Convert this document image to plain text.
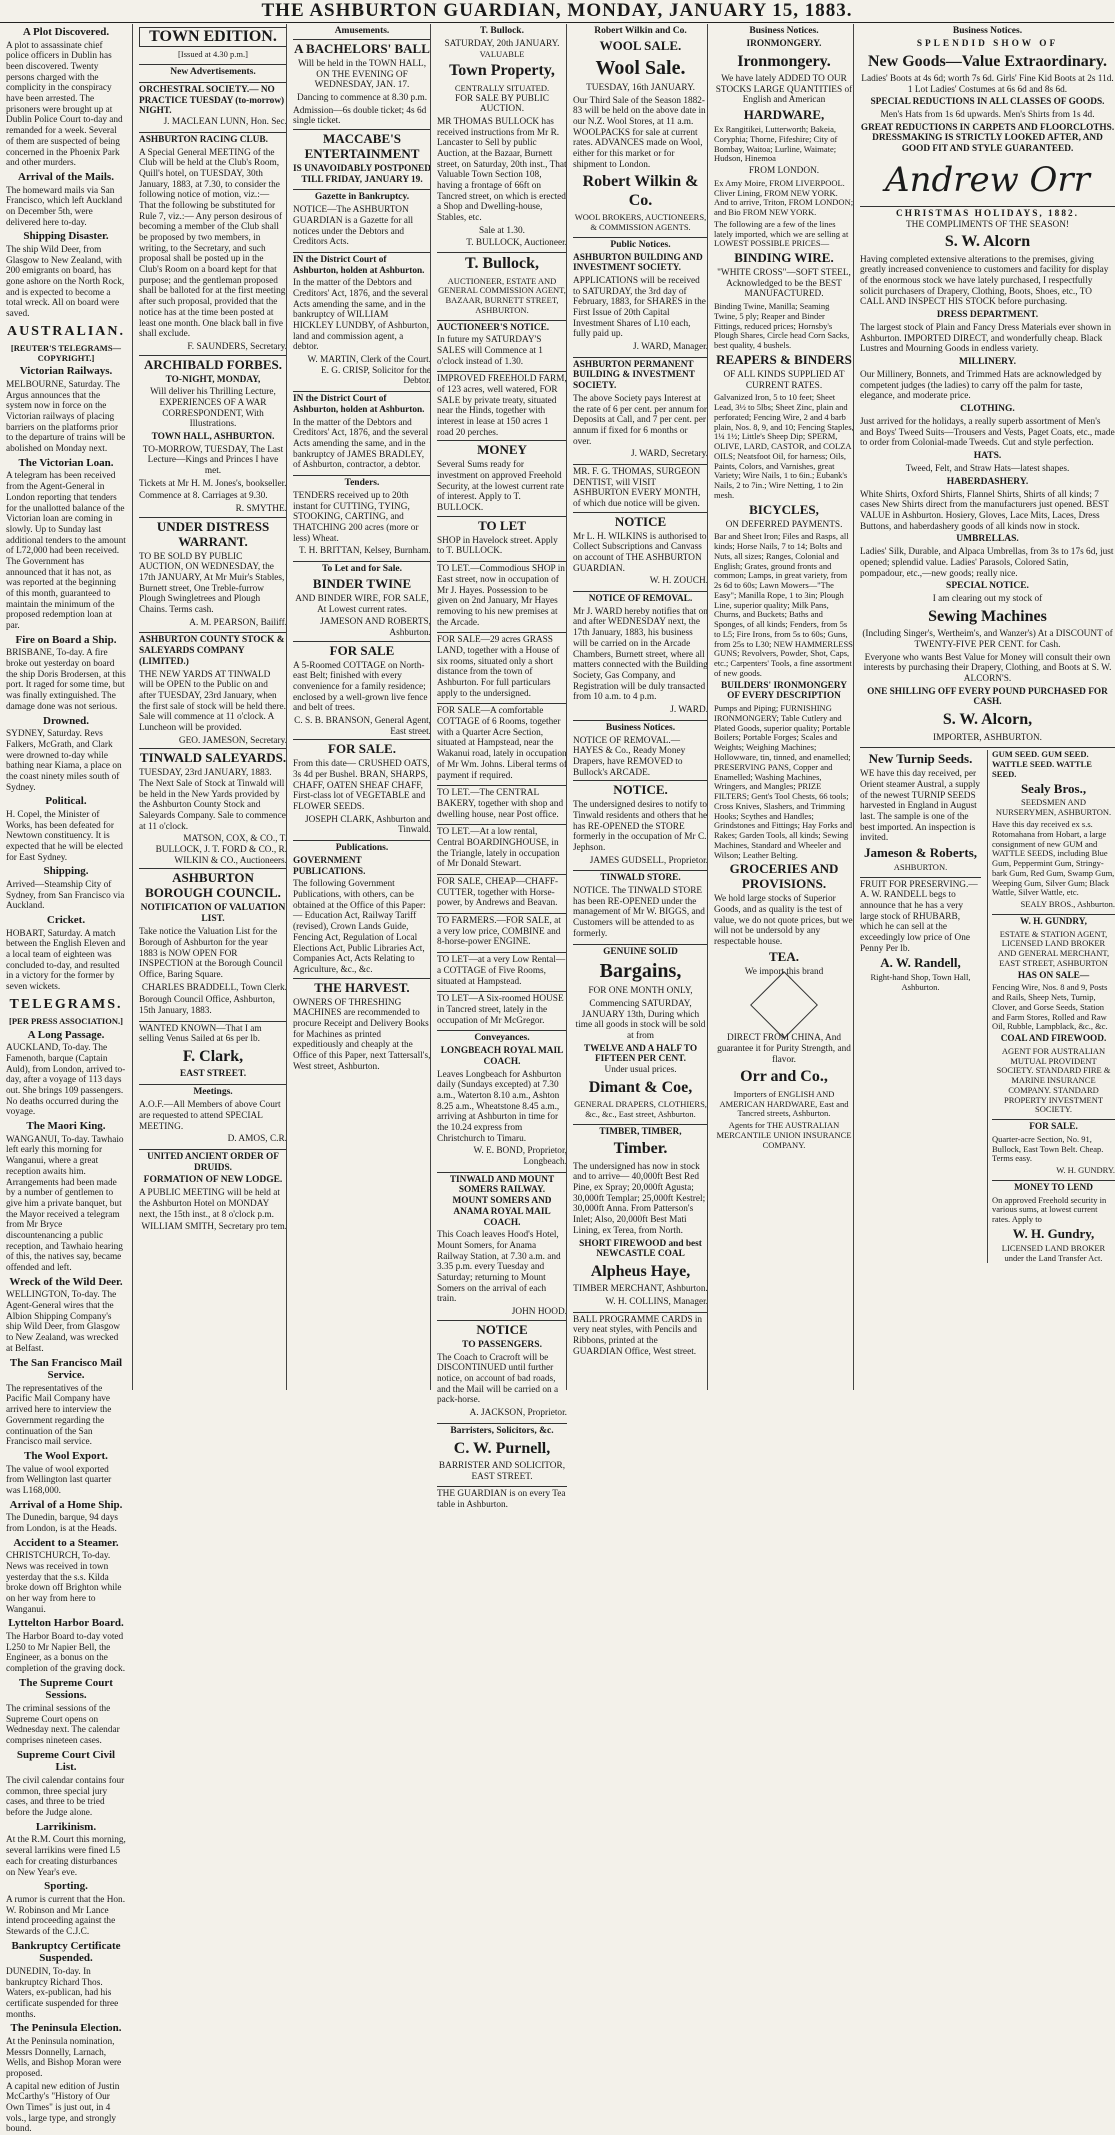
THE ASHBURTON GUARDIAN, MONDAY, JANUARY 15, 1883.
A Plot Discovered.

A plot to assassinate chief police officers in Dublin has been discovered. Twenty persons charged with the complicity in the conspiracy have been arrested. The prisoners were brought up at Dublin Police Court to-day and remanded for a week. Several of them are suspected of being concerned in the Phoenix Park and other murders.

Arrival of the Mails.

The homeward mails via San Francisco, which left Auckland on December 5th, were delivered here to-day.

Shipping Disaster.

The ship Wild Deer, from Glasgow to New Zealand, with 200 emigrants on board, has gone ashore on the North Rock, and is expected to become a total wreck. All on board were saved.

AUSTRALIAN.
[REUTER'S TELEGRAMS—COPYRIGHT.]
Victorian Railways.

MELBOURNE, Saturday. The Argus announces that the system now in force on the Victorian railways of placing barriers on the platforms prior to the departure of trains will be abolished on Monday next.

The Victorian Loan.

A telegram has been received from the Agent-General in London reporting that tenders for the unallotted balance of the Victorian loan are coming in slowly. Up to Sunday last additional tenders to the amount of L72,000 had been received. The Government has announced that it has not, as was reported at the beginning of this month, guaranteed to maintain the minimum of the proposed redemption loan at par.

Fire on Board a Ship.

BRISBANE, To-day. A fire broke out yesterday on board the ship Doris Brodersen, at this port. It raged for some time, but was finally extinguished. The damage done was not serious.

Drowned.

SYDNEY, Saturday. Revs Falkers, McGrath, and Clark were drowned to-day while bathing near Kiama, a place on the coast ninety miles south of Sydney.

Political.

H. Copel, the Minister of Works, has been defeated for Newtown constituency. It is expected that he will be elected for East Sydney.

Shipping.

Arrived—Steamship City of Sydney, from San Francisco via Auckland.

Cricket.

HOBART, Saturday. A match between the English Eleven and a local team of eighteen was concluded to-day, and resulted in a victory for the former by seven wickets.

TELEGRAMS.
[PER PRESS ASSOCIATION.]
A Long Passage.

AUCKLAND, To-day. The Famenoth, barque (Captain Auld), from London, arrived to-day, after a voyage of 113 days out. She brings 109 passengers. No deaths occurred during the voyage.

The Maori King.

WANGANUI, To-day. Tawhaio left early this morning for Wanganui, where a great reception awaits him. Arrangements had been made by a number of gentlemen to give him a private banquet, but the Mayor received a telegram from Mr Bryce discountenancing a public reception, and Tawhaio hearing of this, the natives say, became offended and left.

Wreck of the Wild Deer.

WELLINGTON, To-day. The Agent-General wires that the Albion Shipping Company's ship Wild Deer, from Glasgow to New Zealand, was wrecked at Belfast.

The San Francisco Mail Service.

The representatives of the Pacific Mail Company have arrived here to interview the Government regarding the continuation of the San Francisco mail service.

The Wool Export.

The value of wool exported from Wellington last quarter was L168,000.

Arrival of a Home Ship.

The Dunedin, barque, 94 days from London, is at the Heads.

Accident to a Steamer.

CHRISTCHURCH, To-day. News was received in town yesterday that the s.s. Kilda broke down off Brighton while on her way from here to Wanganui.

Lyttelton Harbor Board.

The Harbor Board to-day voted L250 to Mr Napier Bell, the Engineer, as a bonus on the completion of the graving dock.

The Supreme Court Sessions.

The criminal sessions of the Supreme Court opens on Wednesday next. The calendar comprises nineteen cases.

Supreme Court Civil List.

The civil calendar contains four common, three special jury cases, and three to be tried before the Judge alone.

Larrikinism.

At the R.M. Court this morning, several larrikins were fined L5 each for creating disturbances on New Year's eve.

Sporting.

A rumor is current that the Hon. W. Robinson and Mr Lance intend proceeding against the Stewards of the C.J.C.

Bankruptcy Certificate Suspended.

DUNEDIN, To-day. In bankruptcy Richard Thos. Waters, ex-publican, had his certificate suspended for three months.

The Peninsula Election.

At the Peninsula nomination, Messrs Donnelly, Larnach, Wells, and Bishop Moran were proposed.

A capital new edition of Justin McCarthy's "History of Our Own Times" is just out, in 4 vols., large type, and strongly bound.

TOWN EDITION.
[Issued at 4.30 p.m.]
New Advertisements.
ORCHESTRAL SOCIETY.— NO PRACTICE TUESDAY (to-morrow) NIGHT.
J. MACLEAN LUNN, Hon. Sec.
ASHBURTON RACING CLUB.

A Special General MEETING of the Club will be held at the Club's Room, Quill's hotel, on TUESDAY, 30th January, 1883, at 7.30, to consider the following notice of motion, viz.:— That the following be substituted for Rule 7, viz.:— Any person desirous of becoming a member of the Club shall be proposed by two members, in writing, to the Secretary, and such proposal shall be posted up in the Club's Room on a board kept for that purpose; and the gentleman proposed shall be balloted for at the first meeting after such proposal, provided that the notice has at the time been posted at least one month. One black ball in five shall exclude.

F. SAUNDERS, Secretary.
ARCHIBALD FORBES.
TO-NIGHT, MONDAY,

Will deliver his Thrilling Lecture, EXPERIENCES OF A WAR CORRESPONDENT, With Illustrations.

TOWN HALL, ASHBURTON.

TO-MORROW, TUESDAY, The Last Lecture—Kings and Princes I have met.

Tickets at Mr H. M. Jones's, bookseller.

Commence at 8. Carriages at 9.30.

R. SMYTHE.
UNDER DISTRESS WARRANT.

TO BE SOLD BY PUBLIC AUCTION, ON WEDNESDAY, the 17th JANUARY, At Mr Muir's Stables, Burnett street, One Treble-furrow Plough Swingletrees and Plough Chains. Terms cash.

A. M. PEARSON, Bailiff.
ASHBURTON COUNTY STOCK & SALEYARDS COMPANY (LIMITED.)

THE NEW YARDS AT TINWALD will be OPEN to the Public on and after TUESDAY, 23rd January, when the first sale of stock will be held there. Sale will commence at 11 o'clock. A Luncheon will be provided.

GEO. JAMESON, Secretary.
TINWALD SALEYARDS.

TUESDAY, 23rd JANUARY, 1883. The Next Sale of Stock at Tinwald will be held in the New Yards provided by the Ashburton County Stock and Saleyards Company. Sale to commence at 11 o'clock.

MATSON, COX, & CO., T. BULLOCK, J. T. FORD & CO., R. WILKIN & CO., Auctioneers.
ASHBURTON BOROUGH COUNCIL.
NOTIFICATION OF VALUATION LIST.

Take notice the Valuation List for the Borough of Ashburton for the year 1883 is NOW OPEN FOR INSPECTION at the Borough Council Office, Baring Square.

CHARLES BRADDELL, Town Clerk.

Borough Council Office, Ashburton, 15th January, 1883.

WANTED KNOWN—That I am selling Venus Sailed at 6s per lb.
F. Clark,
EAST STREET.
Meetings.

A.O.F.—All Members of above Court are requested to attend SPECIAL MEETING.

D. AMOS, C.R.
UNITED ANCIENT ORDER OF DRUIDS.
FORMATION OF NEW LODGE.

A PUBLIC MEETING will be held at the Ashburton Hotel on MONDAY next, the 15th inst., at 8 o'clock p.m.

WILLIAM SMITH, Secretary pro tem.
Amusements.
A BACHELORS' BALL

Will be held in the TOWN HALL, ON THE EVENING OF WEDNESDAY, JAN. 17.

Dancing to commence at 8.30 p.m.

Admission—6s double ticket; 4s 6d single ticket.

MACCABE'S ENTERTAINMENT

IS UNAVOIDABLY POSTPONED TILL FRIDAY, JANUARY 19.

Gazette in Bankruptcy.

NOTICE—The ASHBURTON GUARDIAN is a Gazette for all notices under the Debtors and Creditors Acts.

IN the District Court of Ashburton, holden at Ashburton.

In the matter of the Debtors and Creditors' Act, 1876, and the several Acts amending the same, and in the bankruptcy of WILLIAM HICKLEY LUNDBY, of Ashburton, land and commission agent, a debtor.

W. MARTIN, Clerk of the Court.
E. G. CRISP, Solicitor for the Debtor.
IN the District Court of Ashburton, holden at Ashburton.

In the matter of the Debtors and Creditors' Act, 1876, and the several Acts amending the same, and in the bankruptcy of JAMES BRADLEY, of Ashburton, contractor, a debtor.

Tenders.

TENDERS received up to 20th instant for CUTTING, TYING, STOOKING, CARTING, and THATCHING 200 acres (more or less) Wheat.

T. H. BRITTAN, Kelsey, Burnham.
To Let and for Sale.
BINDER TWINE

AND BINDER WIRE, FOR SALE, At Lowest current rates.

JAMESON AND ROBERTS, Ashburton.
FOR SALE

A 5-Roomed COTTAGE on North-east Belt; finished with every convenience for a family residence; enclosed by a well-grown live fence and belt of trees.

C. S. B. BRANSON, General Agent, East street.
FOR SALE.

From this date— CRUSHED OATS, 3s 4d per Bushel. BRAN, SHARPS, CHAFF, OATEN SHEAF CHAFF, First-class lot of VEGETABLE and FLOWER SEEDS.

JOSEPH CLARK, Ashburton and Tinwald.
Publications.
GOVERNMENT PUBLICATIONS.

The following Government Publications, with others, can be obtained at the Office of this Paper:— Education Act, Railway Tariff (revised), Crown Lands Guide, Fencing Act, Regulation of Local Elections Act, Public Libraries Act, Companies Act, Acts Relating to Agriculture, &c., &c.

THE HARVEST.

OWNERS OF THRESHING MACHINES are recommended to procure Receipt and Delivery Books for Machines as printed expeditiously and cheaply at the Office of this Paper, next Tattersall's, West street, Ashburton.

T. Bullock.
SATURDAY, 20th JANUARY.
VALUABLE
Town Property,
CENTRALLY SITUATED.
FOR SALE BY PUBLIC AUCTION.

MR THOMAS BULLOCK has received instructions from Mr R. Lancaster to Sell by public Auction, at the Bazaar, Burnett street, on Saturday, 20th inst., That Valuable Town Section 108, having a frontage of 66ft on Tancred street, on which is erected a Shop and Dwelling-house, Stables, etc.

Sale at 1.30.

T. BULLOCK, Auctioneer.
T. Bullock,

AUCTIONEER, ESTATE AND GENERAL COMMISSION AGENT, BAZAAR, BURNETT STREET, ASHBURTON.

AUCTIONEER'S NOTICE.

In future my SATURDAY'S SALES will Commence at 1 o'clock instead of 1.30.

IMPROVED FREEHOLD FARM, of 123 acres, well watered, FOR SALE by private treaty, situated near the Hinds, together with interest in lease at 150 acres 1 road 20 perches.

MONEY

Several Sums ready for investment on approved Freehold Security, at the lowest current rate of interest. Apply to T. BULLOCK.

TO LET

SHOP in Havelock street. Apply to T. BULLOCK.

TO LET.—Commodious SHOP in East street, now in occupation of Mr J. Hayes. Possession to be given on 2nd January, Mr Hayes removing to his new premises at the Arcade.

FOR SALE—29 acres GRASS LAND, together with a House of six rooms, situated only a short distance from the town of Ashburton. For full particulars apply to the undersigned.

FOR SALE—A comfortable COTTAGE of 6 Rooms, together with a Quarter Acre Section, situated at Hampstead, near the Wakanui road, lately in occupation of Mr Wm. Johns. Liberal terms of payment if required.

TO LET.—The CENTRAL BAKERY, together with shop and dwelling house, near Post office.

TO LET.—At a low rental, Central BOARDINGHOUSE, in the Triangle, lately in occupation of Mr Donald Stewart.

FOR SALE, CHEAP—CHAFF-CUTTER, together with Horse-power, by Andrews and Beavan.

TO FARMERS.—FOR SALE, at a very low price, COMBINE and 8-horse-power ENGINE.

TO LET—at a very Low Rental—a COTTAGE of Five Rooms, situated at Hampstead.

TO LET—A Six-roomed HOUSE in Tancred street, lately in the occupation of Mr McGregor.

Conveyances.
LONGBEACH ROYAL MAIL COACH.

Leaves Longbeach for Ashburton daily (Sundays excepted) at 7.30 a.m., Waterton 8.10 a.m., Ashton 8.25 a.m., Wheatstone 8.45 a.m., arriving at Ashburton in time for the 10.24 express from Christchurch to Timaru.

W. E. BOND, Proprietor, Longbeach.
TINWALD AND MOUNT SOMERS RAILWAY.
MOUNT SOMERS AND ANAMA ROYAL MAIL COACH.

This Coach leaves Hood's Hotel, Mount Somers, for Anama Railway Station, at 7.30 a.m. and 3.35 p.m. every Tuesday and Saturday; returning to Mount Somers on the arrival of each train.

JOHN HOOD.
NOTICE
TO PASSENGERS.

The Coach to Cracroft will be DISCONTINUED until further notice, on account of bad roads, and the Mail will be carried on a pack-horse.

A. JACKSON, Proprietor.
Barristers, Solicitors, &c.
C. W. Purnell,

BARRISTER AND SOLICITOR, EAST STREET.

THE GUARDIAN is on every Tea table in Ashburton.

Robert Wilkin and Co.
WOOL SALE.
Wool Sale.
TUESDAY, 16th JANUARY.

Our Third Sale of the Season 1882-83 will be held on the above date in our N.Z. Wool Stores, at 11 a.m. WOOLPACKS for sale at current rates. ADVANCES made on Wool, either for this market or for shipment to London.

Robert Wilkin & Co.

WOOL BROKERS, AUCTIONEERS, & COMMISSION AGENTS.

Public Notices.
ASHBURTON BUILDING AND INVESTMENT SOCIETY.

APPLICATIONS will be received to SATURDAY, the 3rd day of February, 1883, for SHARES in the First Issue of 20th Capital Investment Shares of L10 each, fully paid up.

J. WARD, Manager.
ASHBURTON PERMANENT BUILDING & INVESTMENT SOCIETY.

The above Society pays Interest at the rate of 6 per cent. per annum for Deposits at Call, and 7 per cent. per annum if fixed for 6 months or over.

J. WARD, Secretary.

MR. F. G. THOMAS, SURGEON DENTIST, will VISIT ASHBURTON EVERY MONTH, of which due notice will be given.

NOTICE

Mr L. H. WILKINS is authorised to Collect Subscriptions and Canvass on account of THE ASHBURTON GUARDIAN.

W. H. ZOUCH.
NOTICE OF REMOVAL.

Mr J. WARD hereby notifies that on and after WEDNESDAY next, the 17th January, 1883, his business will be carried on in the Arcade Chambers, Burnett street, where all matters connected with the Building Society, Gas Company, and Registration will be duly transacted from 10 a.m. to 4 p.m.

J. WARD.
Business Notices.

NOTICE OF REMOVAL.—HAYES & Co., Ready Money Drapers, have REMOVED to Bullock's ARCADE.

NOTICE.

The undersigned desires to notify to Tinwald residents and others that he has RE-OPENED the STORE formerly in the occupation of Mr C. Jephson.

JAMES GUDSELL, Proprietor.
TINWALD STORE.

NOTICE. The TINWALD STORE has been RE-OPENED under the management of Mr W. BIGGS, and Customers will be attended to as formerly.

GENUINE SOLID
Bargains,
FOR ONE MONTH ONLY,

Commencing SATURDAY, JANUARY 13th, During which time all goods in stock will be sold at from

TWELVE AND A HALF TO FIFTEEN PER CENT.
Under usual prices.
Dimant & Coe,

GENERAL DRAPERS, CLOTHIERS, &c., &c., East street, Ashburton.

TIMBER, TIMBER,
Timber.

The undersigned has now in stock and to arrive— 40,000ft Best Red Pine, ex Spray; 20,000ft Agusta; 30,000ft Templar; 25,000ft Kestrel; 30,000ft Anna. From Patterson's Inlet; Also, 20,000ft Best Mati Lining, ex Terea, from North.

SHORT FIREWOOD and best NEWCASTLE COAL
Alpheus Haye,

TIMBER MERCHANT, Ashburton.

W. H. COLLINS, Manager.

BALL PROGRAMME CARDS in very neat styles, with Pencils and Ribbons, printed at the GUARDIAN Office, West street.

Business Notices.
IRONMONGERY.
Ironmongery.

We have lately ADDED TO OUR STOCKS LARGE QUANTITIES of English and American

HARDWARE,

Ex Rangitikei, Lutterworth; Bakeia, Coryphia; Thorne, Fifeshire; City of Bombay, Waitoa; Lurline, Waimate; Hudson, Hinemoa

FROM LONDON.

Ex Amy Moire, FROM LIVERPOOL. Cliver Lining, FROM NEW YORK. And to arrive, Triton, FROM LONDON; and Bio FROM NEW YORK.

The following are a few of the lines lately imported, which we are selling at LOWEST POSSIBLE PRICES—

BINDING WIRE.

"WHITE CROSS"—SOFT STEEL, Acknowledged to be the BEST MANUFACTURED.

Binding Twine, Manilla; Seaming Twine, 5 ply; Reaper and Binder Fittings, reduced prices; Hornsby's Plough Shares, Circle head Corn Sacks, best quality, 4 bushels.

REAPERS & BINDERS
OF ALL KINDS SUPPLIED AT CURRENT RATES.

Galvanized Iron, 5 to 10 feet; Sheet Lead, 3½ to 5lbs; Sheet Zinc, plain and perforated; Fencing Wire, 2 and 4 barb plain, Nos. 8, 9, and 10; Fencing Staples, 1¼ 1½; Little's Sheep Dip; SPERM, OLIVE, LARD, CASTOR, and COLZA OILS; Neatsfoot Oil, for harness; Oils, Paints, Colors, and Varnishes, great Variety; Wire Nails, 1 to 6in.; Eubank's Nails, 2 to 7in.; Wire Netting, 1 to 2in mesh.

BICYCLES,
ON DEFERRED PAYMENTS.

Bar and Sheet Iron; Files and Rasps, all kinds; Horse Nails, 7 to 14; Bolts and Nuts, all sizes; Ranges, Colonial and English; Grates, ground fronts and common; Lamps, in great variety, from 2s 6d to 60s; Lawn Mowers—"The Easy"; Manilla Rope, 1 to 3in; Plough Line, superior quality; Milk Pans, Churns, and Buckets; Baths and Sponges, of all kinds; Fenders, from 5s to L5; Fire Irons, from 5s to 60s; Guns, from 25s to L30; NEW HAMMERLESS GUNS; Revolvers, Powder, Shot, Caps, etc.; Carpenters' Tools, a fine assortment of new goods.

BUILDERS' IRONMONGERY OF EVERY DESCRIPTION

Pumps and Piping; FURNISHING IRONMONGERY; Table Cutlery and Plated Goods, superior quality; Portable Boilers; Portable Forges; Scales and Weights; Weighing Machines; Hollowware, tin, tinned, and enamelled; PRESERVING PANS, Copper and Enamelled; Washing Machines, Wringers, and Mangles; PRIZE FILTERS; Gent's Tool Chests, 66 tools; Cross Knives, Slashers, and Trimming Hooks; Scythes and Handles; Grindstones and Fittings; Hay Forks and Rakes; Garden Tools, all kinds; Sewing Machines, Standard and Wheeler and Wilson; Leather Belting.

GROCERIES AND PROVISIONS.

We hold large stocks of Superior Goods, and as quality is the test of value, we do not quote prices, but we will not be undersold by any respectable house.

TEA.
We import this brand

DIRECT FROM CHINA, And guarantee it for Purity Strength, and flavor.

Orr and Co.,

Importers of ENGLISH AND AMERICAN HARDWARE, East and Tancred streets, Ashburton.

Agents for THE AUSTRALIAN MERCANTILE UNION INSURANCE COMPANY.

Business Notices.
SPLENDID SHOW OF
New Goods—Value Extraordinary.

Ladies' Boots at 4s 6d; worth 7s 6d. Girls' Fine Kid Boots at 2s 11d. 1 Lot Ladies' Costumes at 6s 6d and 8s 6d.

SPECIAL REDUCTIONS IN ALL CLASSES OF GOODS.

Men's Hats from 1s 6d upwards. Men's Shirts from 1s 4d.

GREAT REDUCTIONS IN CARPETS AND FLOORCLOTHS.
DRESSMAKING IS STRICTLY LOOKED AFTER, AND GOOD FIT AND STYLE GUARANTEED.
Andrew Orr
CHRISTMAS HOLIDAYS, 1882.
THE COMPLIMENTS OF THE SEASON!
S. W. Alcorn

Having completed extensive alterations to the premises, giving greatly increased convenience to customers and facility for display of the enormous stock we have lately purchased, I respectfully solicit purchasers of Drapery, Clothing, Boots, Shoes, etc., TO CALL AND INSPECT HIS STOCK before purchasing.

DRESS DEPARTMENT.

The largest stock of Plain and Fancy Dress Materials ever shown in Ashburton. IMPORTED DIRECT, and wonderfully cheap. Black Lustres and Mourning Goods in endless variety.

MILLINERY.

Our Millinery, Bonnets, and Trimmed Hats are acknowledged by competent judges (the ladies) to carry off the palm for taste, elegance, and moderate price.

CLOTHING.

Just arrived for the holidays, a really superb assortment of Men's and Boys' Tweed Suits—Trousers and Vests, Paget Coats, etc., made to order from Colonial-made Tweeds. Cut and style perfection.

HATS.

Tweed, Felt, and Straw Hats—latest shapes.

HABERDASHERY.

White Shirts, Oxford Shirts, Flannel Shirts, Shirts of all kinds; 7 cases New Shirts direct from the manufacturers just opened. BEST VALUE in Ashburton. Hosiery, Gloves, Lace Mits, Laces, Dress Buttons, and haberdashery goods of all kinds now in stock.

UMBRELLAS.

Ladies' Silk, Durable, and Alpaca Umbrellas, from 3s to 17s 6d, just opened; splendid value. Ladies' Parasols, Colored Satin, pompadour, etc.,—new goods; really nice.

SPECIAL NOTICE.
I am clearing out my stock of
Sewing Machines

(Including Singer's, Wertheim's, and Wanzer's) At a DISCOUNT of TWENTY-FIVE PER CENT. for Cash.

Everyone who wants Best Value for Money will consult their own interests by purchasing their Drapery, Clothing, and Boots at S. W. ALCORN'S.

ONE SHILLING OFF EVERY POUND PURCHASED FOR CASH.
S. W. Alcorn,
IMPORTER, ASHBURTON.
New Turnip Seeds.

WE have this day received, per Orient steamer Austral, a supply of the newest TURNIP SEEDS harvested in England in August last. The sample is one of the best imported. An inspection is invited.

Jameson & Roberts,
ASHBURTON.

FRUIT FOR PRESERVING.—A. W. RANDELL begs to announce that he has a very large stock of RHUBARB, which he can sell at the exceedingly low price of One Penny Per lb.

A. W. Randell,
Right-hand Shop, Town Hall, Ashburton.
GUM SEED. GUM SEED. WATTLE SEED. WATTLE SEED.
Sealy Bros.,
SEEDSMEN AND NURSERYMEN, ASHBURTON.

Have this day received ex s.s. Rotomahana from Hobart, a large consignment of new GUM and WATTLE SEEDS, including Blue Gum, Peppermint Gum, Stringy-bark Gum, Red Gum, Swamp Gum, Weeping Gum, Silver Gum; Black Wattle, Silver Wattle, etc.

SEALY BROS., Ashburton.
W. H. GUNDRY,

ESTATE & STATION AGENT, LICENSED LAND BROKER AND GENERAL MERCHANT, EAST STREET, ASHBURTON

HAS ON SALE—

Fencing Wire, Nos. 8 and 9, Posts and Rails, Sheep Nets, Turnip, Clover, and Gorse Seeds, Station and Farm Stores, Rolled and Raw Oil, Rubble, Lampblack, &c., &c.

COAL AND FIREWOOD.

AGENT FOR AUSTRALIAN MUTUAL PROVIDENT SOCIETY. STANDARD FIRE & MARINE INSURANCE COMPANY. STANDARD PROPERTY INVESTMENT SOCIETY.

FOR SALE.

Quarter-acre Section, No. 91, Bullock, East Town Belt. Cheap. Terms easy.

W. H. GUNDRY.
MONEY TO LEND

On approved Freehold security in various sums, at lowest current rates. Apply to

W. H. Gundry,
LICENSED LAND BROKER under the Land Transfer Act.
